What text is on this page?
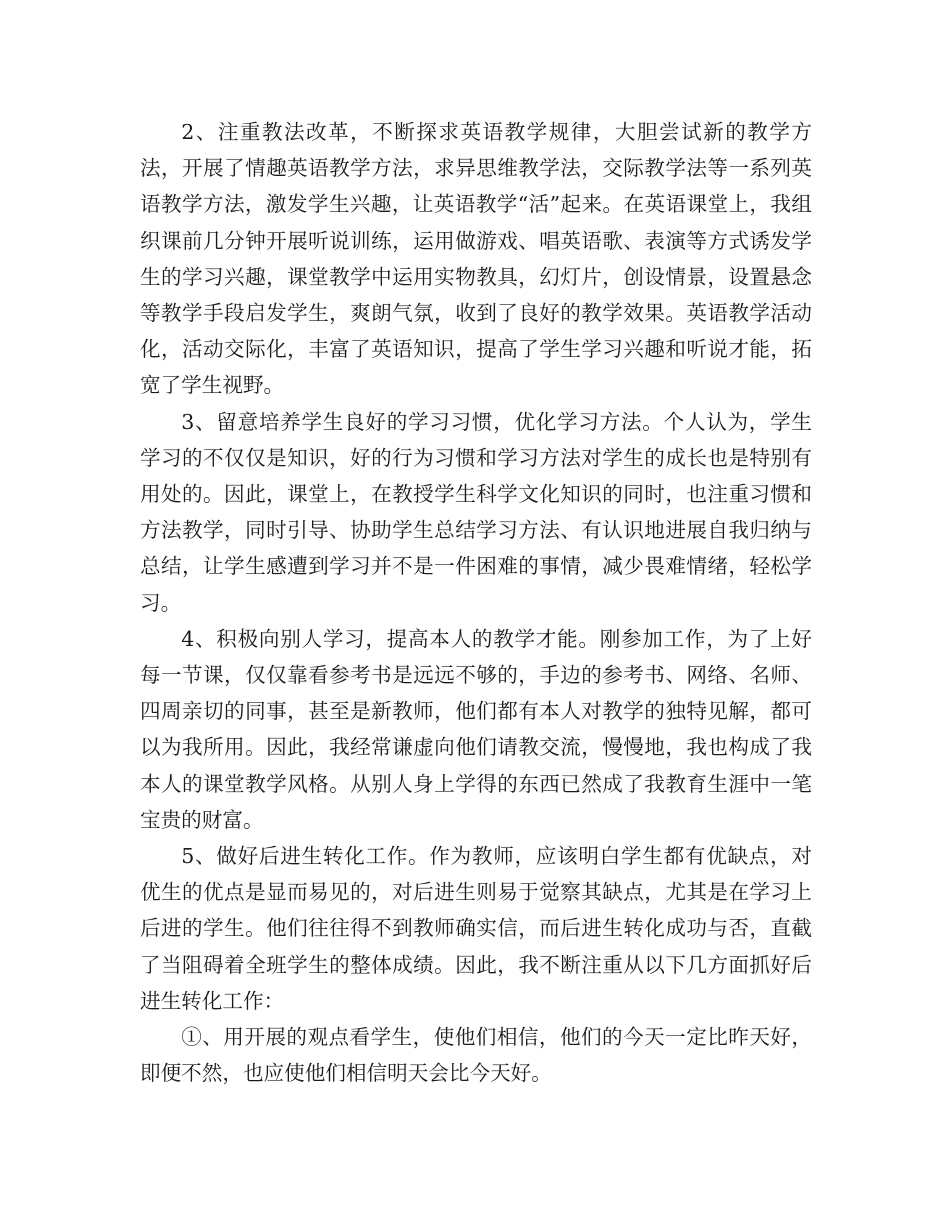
2、注重教法改革，不断探求英语教学规律，大胆尝试新的教学方法，开展了情趣英语教学方法，求异思维教学法，交际教学法等一系列英语教学方法，激发学生兴趣，让英语教学“活”起来。在英语课堂上，我组织课前几分钟开展听说训练，运用做游戏、唱英语歌、表演等方式诱发学生的学习兴趣，课堂教学中运用实物教具，幻灯片，创设情景，设置悬念等教学手段启发学生，爽朗气氛，收到了良好的教学效果。英语教学活动化，活动交际化，丰富了英语知识，提高了学生学习兴趣和听说才能，拓宽了学生视野。

3、留意培养学生良好的学习习惯，优化学习方法。个人认为，学生学习的不仅仅是知识，好的行为习惯和学习方法对学生的成长也是特别有用处的。因此，课堂上，在教授学生科学文化知识的同时，也注重习惯和方法教学，同时引导、协助学生总结学习方法、有认识地进展自我归纳与总结，让学生感遭到学习并不是一件困难的事情，减少畏难情绪，轻松学习。

4、积极向别人学习，提高本人的教学才能。刚参加工作，为了上好每一节课，仅仅靠看参考书是远远不够的，手边的参考书、网络、名师、四周亲切的同事，甚至是新教师，他们都有本人对教学的独特见解，都可以为我所用。因此，我经常谦虚向他们请教交流，慢慢地，我也构成了我本人的课堂教学风格。从别人身上学得的东西已然成了我教育生涯中一笔宝贵的财富。

5、做好后进生转化工作。作为教师，应该明白学生都有优缺点，对优生的优点是显而易见的，对后进生则易于觉察其缺点，尤其是在学习上后进的学生。他们往往得不到教师确实信，而后进生转化成功与否，直截了当阻碍着全班学生的整体成绩。因此，我不断注重从以下几方面抓好后进生转化工作：

①、用开展的观点看学生，使他们相信，他们的今天一定比昨天好，即便不然，也应使他们相信明天会比今天好。
